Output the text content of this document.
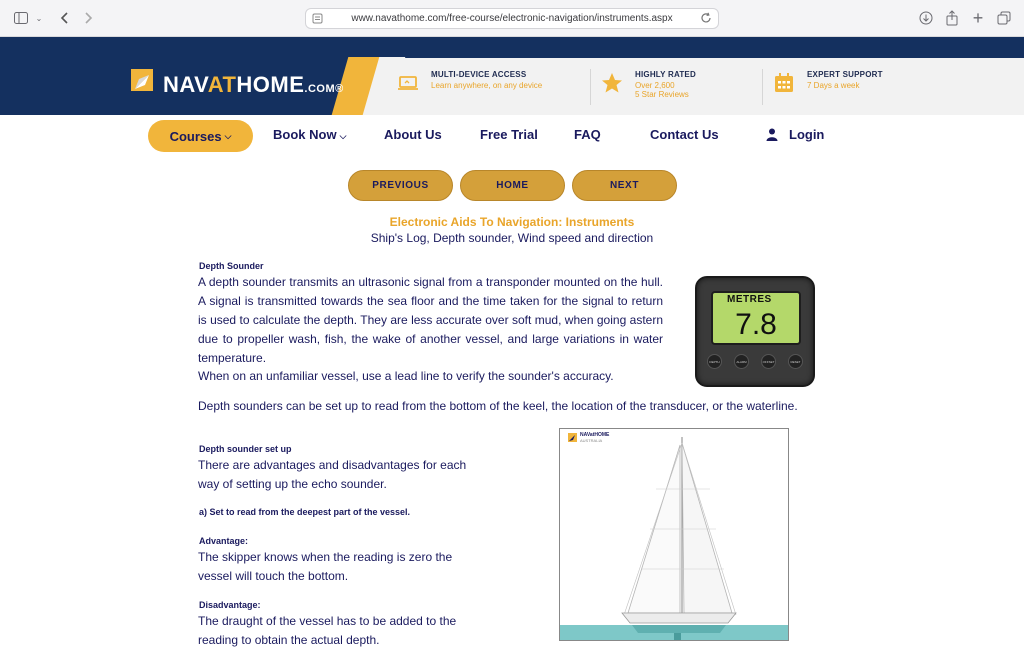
⌄	www.navathome.com/free-course/electronic-navigation/instruments.aspx	+
NAVATHOME.COM®
MULTI-DEVICE ACCESS
Learn anywhere, on any device
HIGHLY RATED
Over 2,600
5 Star Reviews
EXPERT SUPPORT
7 Days a week
Courses ⌵	Book Now ⌵	About Us	Free Trial	FAQ	Contact Us	Login
PREVIOUS	HOME	NEXT
Electronic Aids To Navigation: Instruments
Ship's Log, Depth sounder, Wind speed and direction
Depth Sounder
A depth sounder transmits an ultrasonic signal from a transponder mounted on the hull. A signal is transmitted towards the sea floor and the time taken for the signal to return is used to calculate the depth. They are less accurate over soft mud, when going astern due to propeller wash, fish, the wake of another vessel, and large variations in water temperature.
When on an unfamiliar vessel, use a lead line to verify the sounder's accuracy.
Depth sounders can be set up to read from the bottom of the keel, the location of the transducer, or the waterline.
METRES
7.8
DEPTH	ALARM	OFFSET	RESET
Depth sounder set up
There are advantages and disadvantages for each way of setting up the echo sounder.
a) Set to read from the deepest part of the vessel.
Advantage:
The skipper knows when the reading is zero the vessel will touch the bottom.
Disadvantage:
The draught of the vessel has to be added to the reading to obtain the actual depth.
NAVatHOME
AUSTRALIA
